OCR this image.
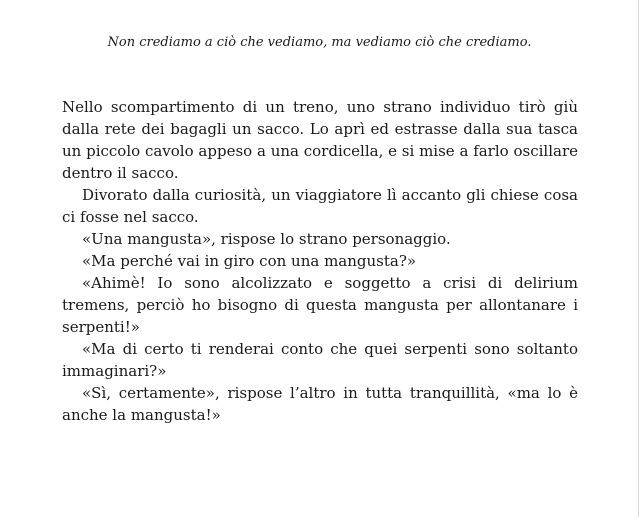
Non crediamo a ciò che vediamo, ma vediamo ciò che crediamo.

Nello scompartimento di un treno, uno strano individuo tirò giù dalla rete dei bagagli un sacco. Lo aprì ed estrasse dalla sua tasca un piccolo cavolo appeso a una cordicella, e si mise a farlo oscillare dentro il sacco.

Divorato dalla curiosità, un viaggiatore lì accanto gli chiese cosa ci fosse nel sacco.

«Una mangusta», rispose lo strano personaggio.

«Ma perché vai in giro con una mangusta?»

«Ahimè! Io sono alcolizzato e soggetto a crisi di delirium tremens, perciò ho bisogno di questa mangusta per allontanare i serpenti!»

«Ma di certo ti renderai conto che quei serpenti sono soltanto immaginari?»

«Sì, certamente», rispose l’altro in tutta tranquillità, «ma lo è anche la mangusta!»
